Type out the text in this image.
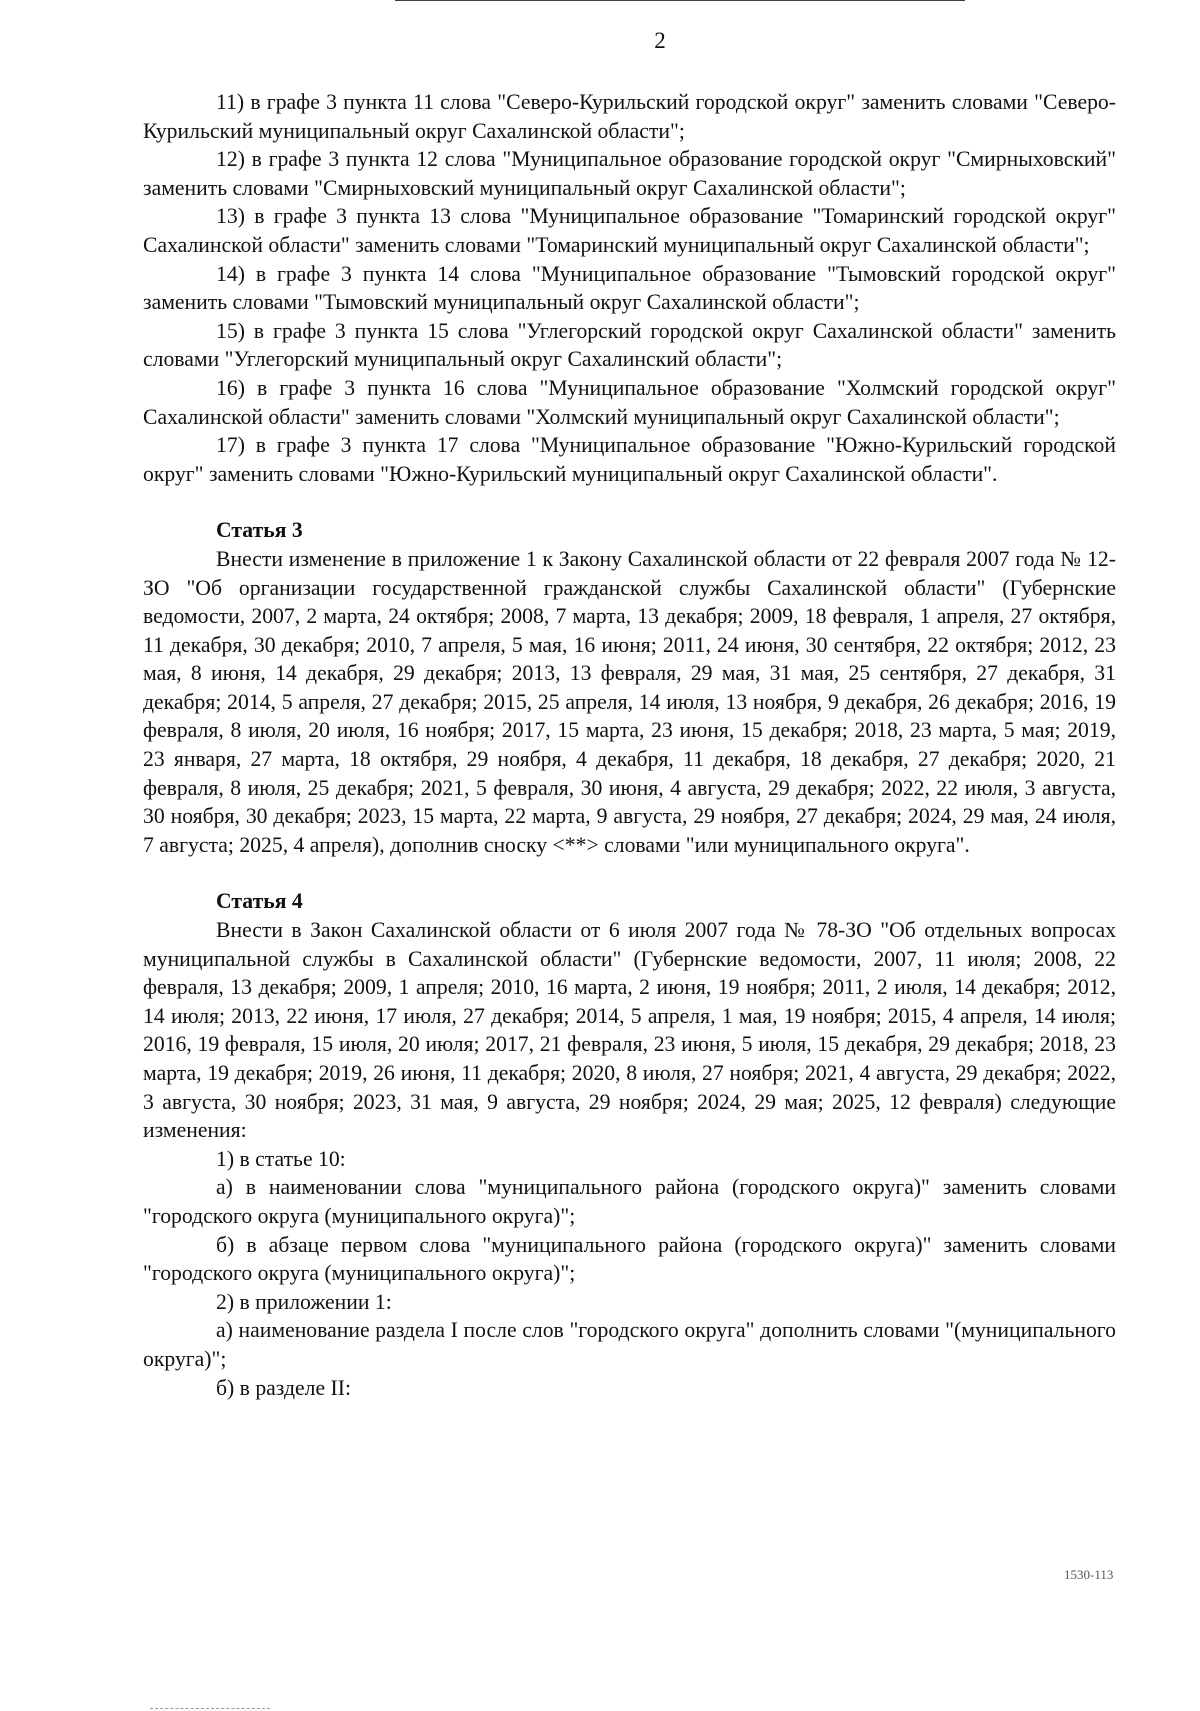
2

11) в графе 3 пункта 11 слова "Северо-Курильский городской округ" заменить словами "Северо-Курильский муниципальный округ Сахалинской области";

12) в графе 3 пункта 12 слова "Муниципальное образование городской округ "Смирныховский" заменить словами "Смирныховский муниципальный округ Сахалинской области";

13) в графе 3 пункта 13 слова "Муниципальное образование "Томаринский городской округ" Сахалинской области" заменить словами "Томаринский муниципальный округ Сахалинской области";

14) в графе 3 пункта 14 слова "Муниципальное образование "Тымовский городской округ" заменить словами "Тымовский муниципальный округ Сахалинской области";

15) в графе 3 пункта 15 слова "Углегорский городской округ Сахалинской области" заменить словами "Углегорский муниципальный округ Сахалинский области";

16) в графе 3 пункта 16 слова "Муниципальное образование "Холмский городской округ" Сахалинской области" заменить словами "Холмский муниципальный округ Сахалинской области";

17) в графе 3 пункта 17 слова "Муниципальное образование "Южно-Курильский городской округ" заменить словами "Южно-Курильский муниципальный округ Сахалинской области".

Статья 3

Внести изменение в приложение 1 к Закону Сахалинской области от 22 февраля 2007 года № 12-ЗО "Об организации государственной гражданской службы Сахалинской области" (Губернские ведомости, 2007, 2 марта, 24 октября; 2008, 7 марта, 13 декабря; 2009, 18 февраля, 1 апреля, 27 октября, 11 декабря, 30 декабря; 2010, 7 апреля, 5 мая, 16 июня; 2011, 24 июня, 30 сентября, 22 октября; 2012, 23 мая, 8 июня, 14 декабря, 29 декабря; 2013, 13 февраля, 29 мая, 31 мая, 25 сентября, 27 декабря, 31 декабря; 2014, 5 апреля, 27 декабря; 2015, 25 апреля, 14 июля, 13 ноября, 9 декабря, 26 декабря; 2016, 19 февраля, 8 июля, 20 июля, 16 ноября; 2017, 15 марта, 23 июня, 15 декабря; 2018, 23 марта, 5 мая; 2019, 23 января, 27 марта, 18 октября, 29 ноября, 4 декабря, 11 декабря, 18 декабря, 27 декабря; 2020, 21 февраля, 8 июля, 25 декабря; 2021, 5 февраля, 30 июня, 4 августа, 29 декабря; 2022, 22 июля, 3 августа, 30 ноября, 30 декабря; 2023, 15 марта, 22 марта, 9 августа, 29 ноября, 27 декабря; 2024, 29 мая, 24 июля, 7 августа; 2025, 4 апреля), дополнив сноску <**> словами "или муниципального округа".

Статья 4

Внести в Закон Сахалинской области от 6 июля 2007 года № 78-ЗО "Об отдельных вопросах муниципальной службы в Сахалинской области" (Губернские ведомости, 2007, 11 июля; 2008, 22 февраля, 13 декабря; 2009, 1 апреля; 2010, 16 марта, 2 июня, 19 ноября; 2011, 2 июля, 14 декабря; 2012, 14 июля; 2013, 22 июня, 17 июля, 27 декабря; 2014, 5 апреля, 1 мая, 19 ноября; 2015, 4 апреля, 14 июля; 2016, 19 февраля, 15 июля, 20 июля; 2017, 21 февраля, 23 июня, 5 июля, 15 декабря, 29 декабря; 2018, 23 марта, 19 декабря; 2019, 26 июня, 11 декабря; 2020, 8 июля, 27 ноября; 2021, 4 августа, 29 декабря; 2022, 3 августа, 30 ноября; 2023, 31 мая, 9 августа, 29 ноября; 2024, 29 мая; 2025, 12 февраля) следующие изменения:

1) в статье 10:

а) в наименовании слова "муниципального района (городского округа)" заменить словами "городского округа (муниципального округа)";

б) в абзаце первом слова "муниципального района (городского округа)" заменить словами "городского округа (муниципального округа)";

2) в приложении 1:

а) наименование раздела I после слов "городского округа" дополнить словами "(муниципального округа)";

б) в разделе II:

1530-113
